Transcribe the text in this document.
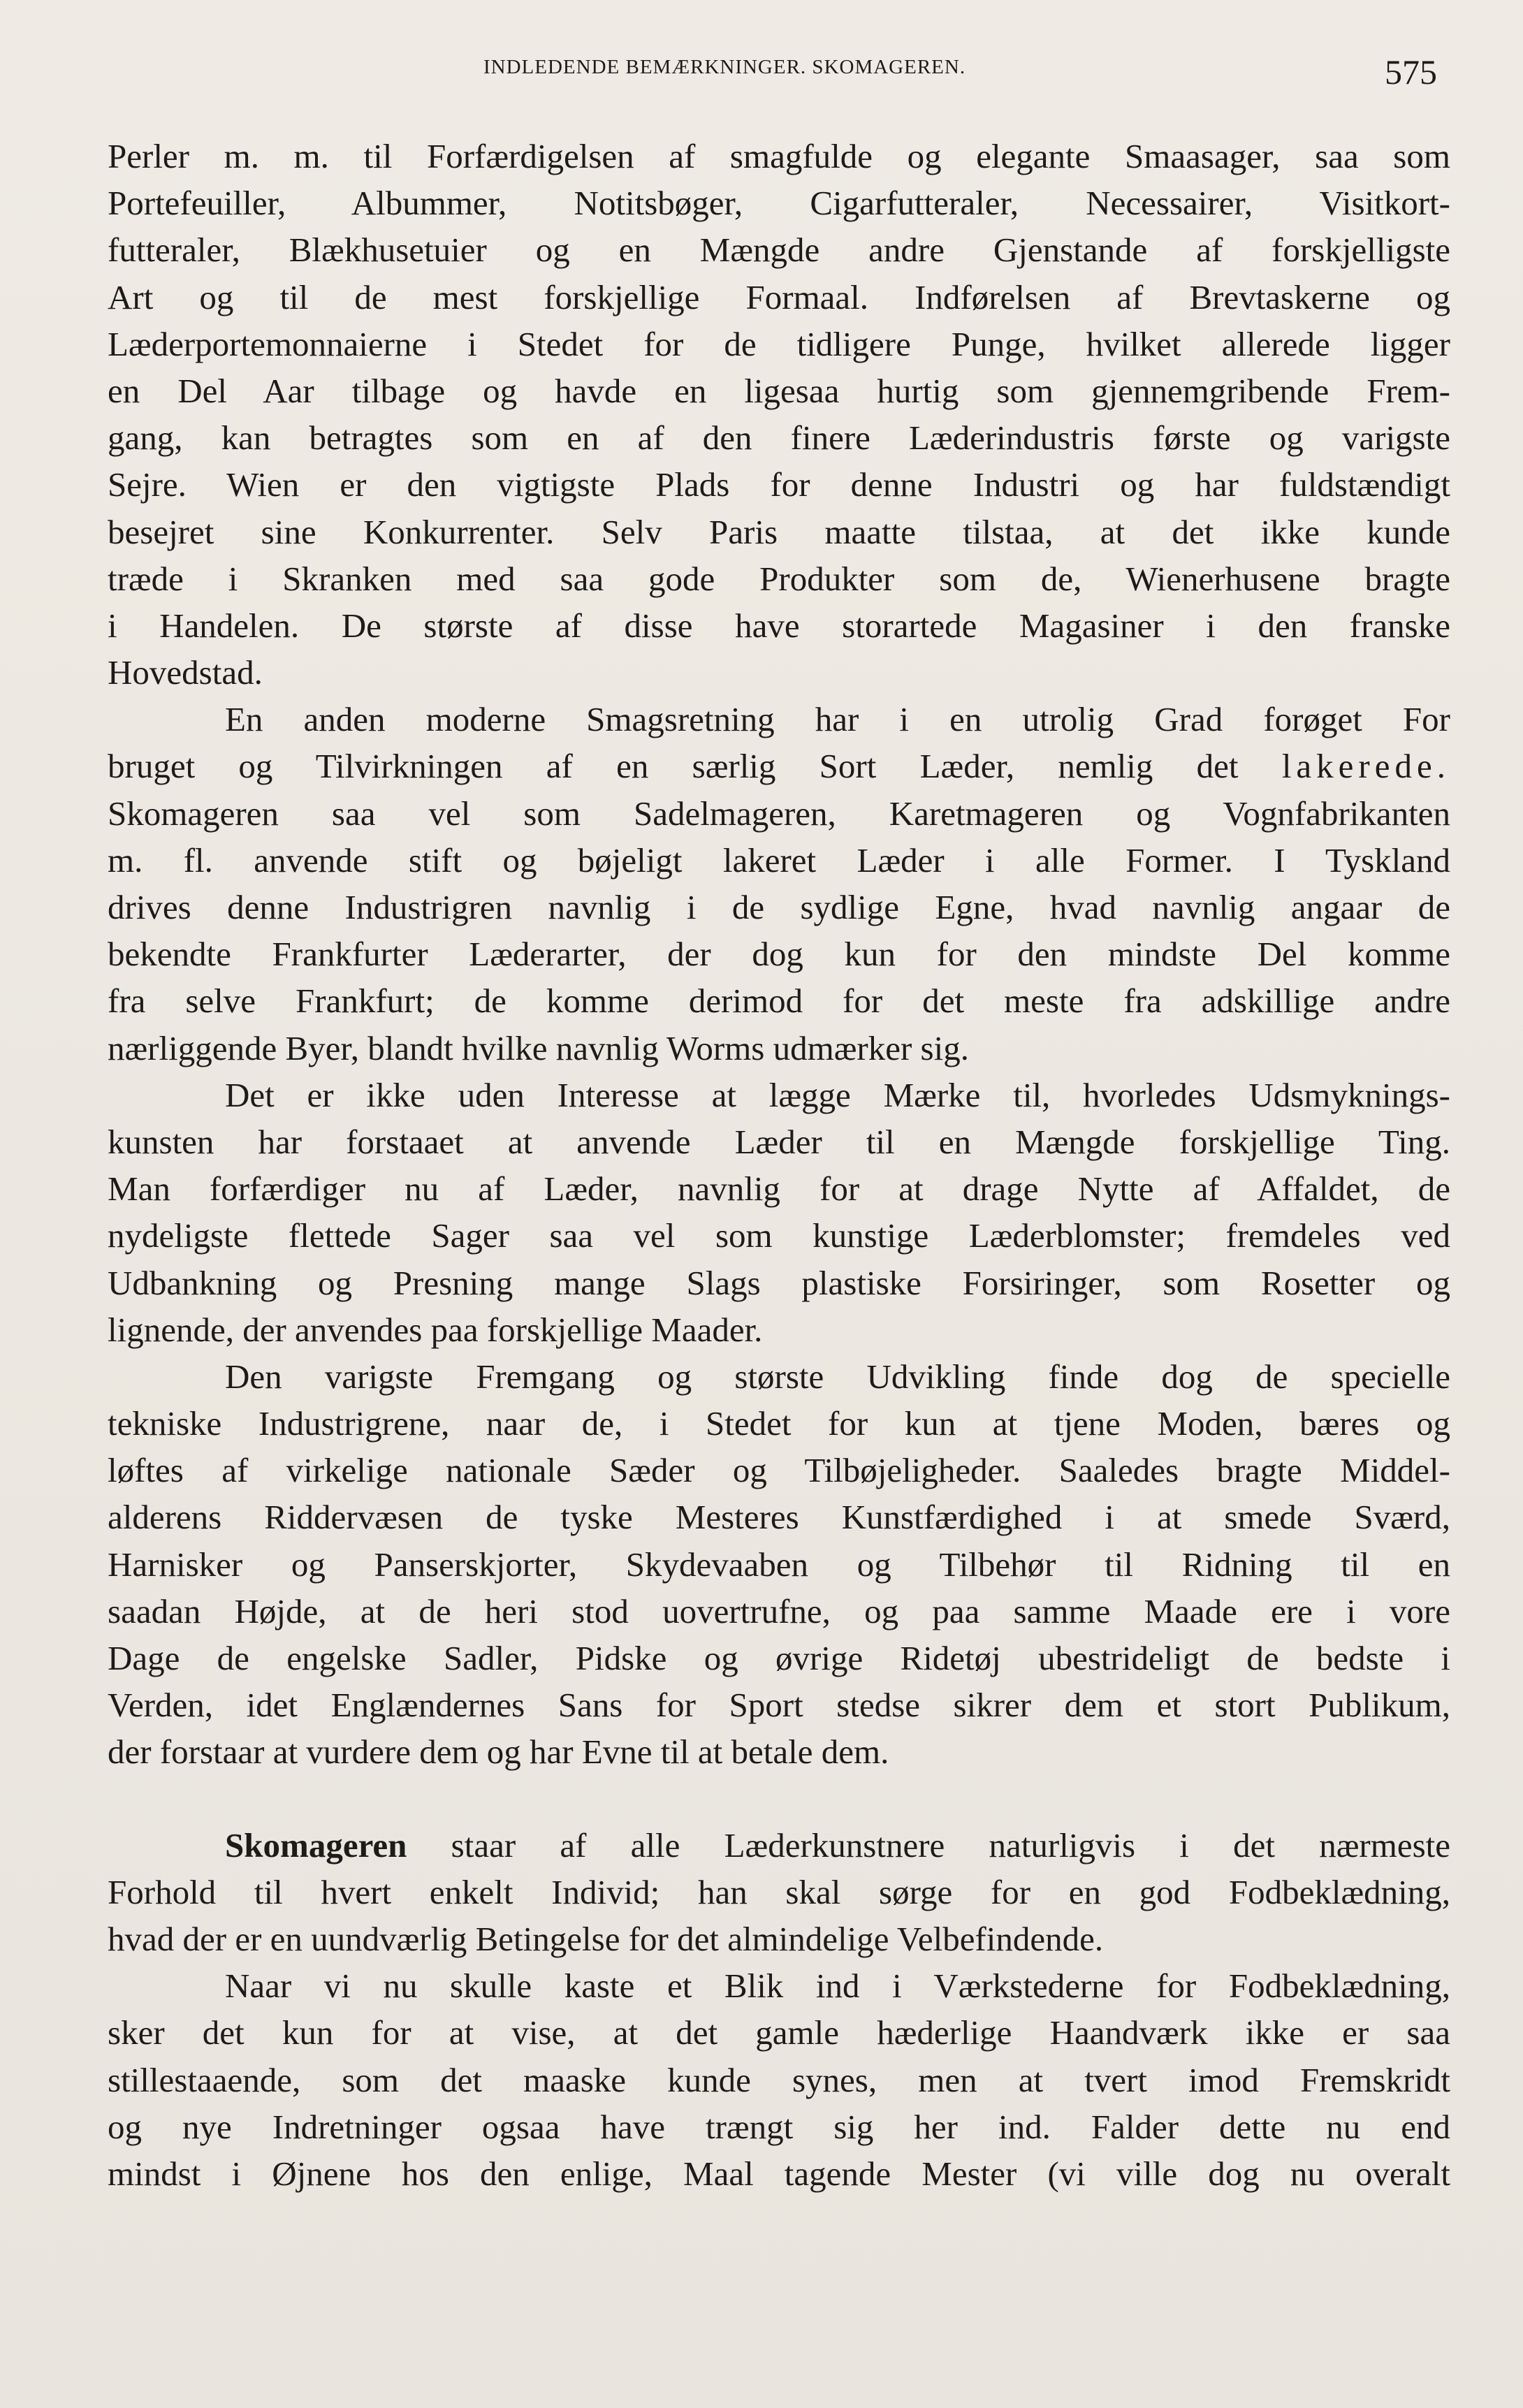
INDLEDENDE BEMÆRKNINGER. SKOMAGEREN.	575
Perler m. m. til Forfærdigelsen af smagfulde og elegante Smaasager, saa som
Portefeuiller, Albummer, Notitsbøger, Cigarfutteraler, Necessairer, Visitkort-
futteraler, Blækhusetuier og en Mængde andre Gjenstande af forskjelligste
Art og til de mest forskjellige Formaal. Indførelsen af Brevtaskerne og
Læderportemonnaierne i Stedet for de tidligere Punge, hvilket allerede ligger
en Del Aar tilbage og havde en ligesaa hurtig som gjennemgribende Frem-
gang, kan betragtes som en af den finere Læderindustris første og varigste
Sejre. Wien er den vigtigste Plads for denne Industri og har fuldstændigt
besejret sine Konkurrenter. Selv Paris maatte tilstaa, at det ikke kunde
træde i Skranken med saa gode Produkter som de, Wienerhusene bragte
i Handelen. De største af disse have storartede Magasiner i den franske
Hovedstad.
En anden moderne Smagsretning har i en utrolig Grad forøget For
bruget og Tilvirkningen af en særlig Sort Læder, nemlig det lakerede.
Skomageren saa vel som Sadelmageren, Karetmageren og Vognfabrikanten
m. fl. anvende stift og bøjeligt lakeret Læder i alle Former. I Tyskland
drives denne Industrigren navnlig i de sydlige Egne, hvad navnlig angaar de
bekendte Frankfurter Læderarter, der dog kun for den mindste Del komme
fra selve Frankfurt; de komme derimod for det meste fra adskillige andre
nærliggende Byer, blandt hvilke navnlig Worms udmærker sig.
Det er ikke uden Interesse at lægge Mærke til, hvorledes Udsmyknings-
kunsten har forstaaet at anvende Læder til en Mængde forskjellige Ting.
Man forfærdiger nu af Læder, navnlig for at drage Nytte af Affaldet, de
nydeligste flettede Sager saa vel som kunstige Læderblomster; fremdeles ved
Udbankning og Presning mange Slags plastiske Forsiringer, som Rosetter og
lignende, der anvendes paa forskjellige Maader.
Den varigste Fremgang og største Udvikling finde dog de specielle
tekniske Industrigrene, naar de, i Stedet for kun at tjene Moden, bæres og
løftes af virkelige nationale Sæder og Tilbøjeligheder. Saaledes bragte Middel-
alderens Riddervæsen de tyske Mesteres Kunstfærdighed i at smede Sværd,
Harnisker og Panserskjorter, Skydevaaben og Tilbehør til Ridning til en
saadan Højde, at de heri stod uovertrufne, og paa samme Maade ere i vore
Dage de engelske Sadler, Pidske og øvrige Ridetøj ubestrideligt de bedste i
Verden, idet Englændernes Sans for Sport stedse sikrer dem et stort Publikum,
der forstaar at vurdere dem og har Evne til at betale dem.
Skomageren staar af alle Læderkunstnere naturligvis i det nærmeste
Forhold til hvert enkelt Individ; han skal sørge for en god Fodbeklædning,
hvad der er en uundværlig Betingelse for det almindelige Velbefindende.
Naar vi nu skulle kaste et Blik ind i Værkstederne for Fodbeklædning,
sker det kun for at vise, at det gamle hæderlige Haandværk ikke er saa
stillestaaende, som det maaske kunde synes, men at tvert imod Fremskridt
og nye Indretninger ogsaa have trængt sig her ind. Falder dette nu end
mindst i Øjnene hos den enlige, Maal tagende Mester (vi ville dog nu overalt
